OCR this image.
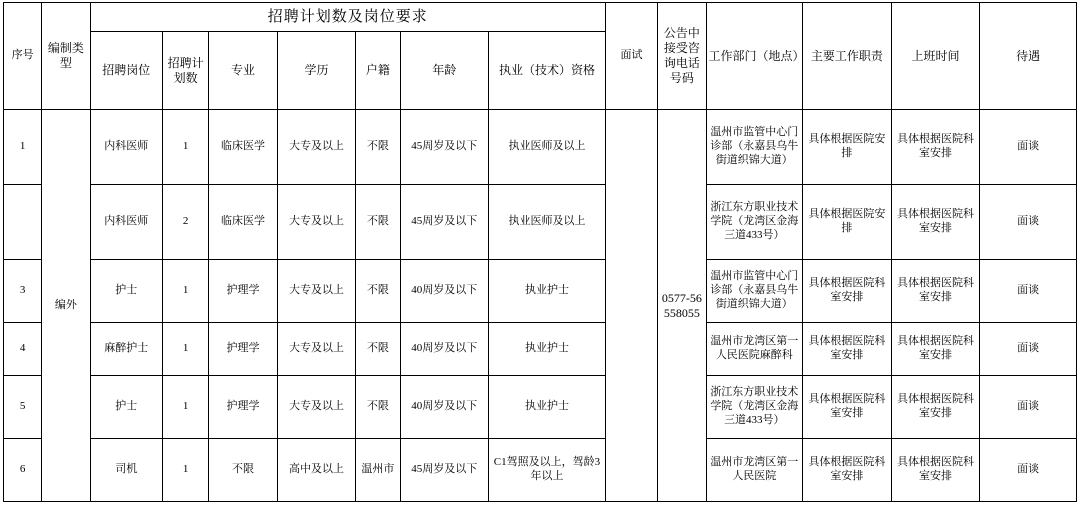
序号	编制类型	招聘计划数及岗位要求							面试	公告中接受咨询电话号码	工作部门（地点）	主要工作职责	上班时间	待遇
		招聘岗位	招聘计划数	专业	学历	户籍	年龄	执业（技术）资格						
1	编外	内科医师	1	临床医学	大专及以上	不限	45周岁及以下	执业医师及以上		0577-56558055	温州市监管中心门诊部（永嘉县乌牛街道织锦大道）	具体根据医院安排	具体根据医院科室安排	面谈
		内科医师	2	临床医学	大专及以上	不限	45周岁及以下	执业医师及以上			浙江东方职业技术学院（龙湾区金海三道433号）	具体根据医院安排	具体根据医院科室安排	面谈
3		护士	1	护理学	大专及以上	不限	40周岁及以下	执业护士			温州市监管中心门诊部（永嘉县乌牛街道织锦大道）	具体根据医院科室安排	具体根据医院科室安排	面谈
4		麻醉护士	1	护理学	大专及以上	不限	40周岁及以下	执业护士			温州市龙湾区第一人民医院麻醉科	具体根据医院科室安排	具体根据医院科室安排	面谈
5		护士	1	护理学	大专及以上	不限	40周岁及以下	执业护士			浙江东方职业技术学院（龙湾区金海三道433号）	具体根据医院科室安排	具体根据医院科室安排	面谈
6		司机	1	不限	高中及以上	温州市	45周岁及以下	C1驾照及以上，驾龄3年以上			温州市龙湾区第一人民医院	具体根据医院科室安排	具体根据医院科室安排	面谈
